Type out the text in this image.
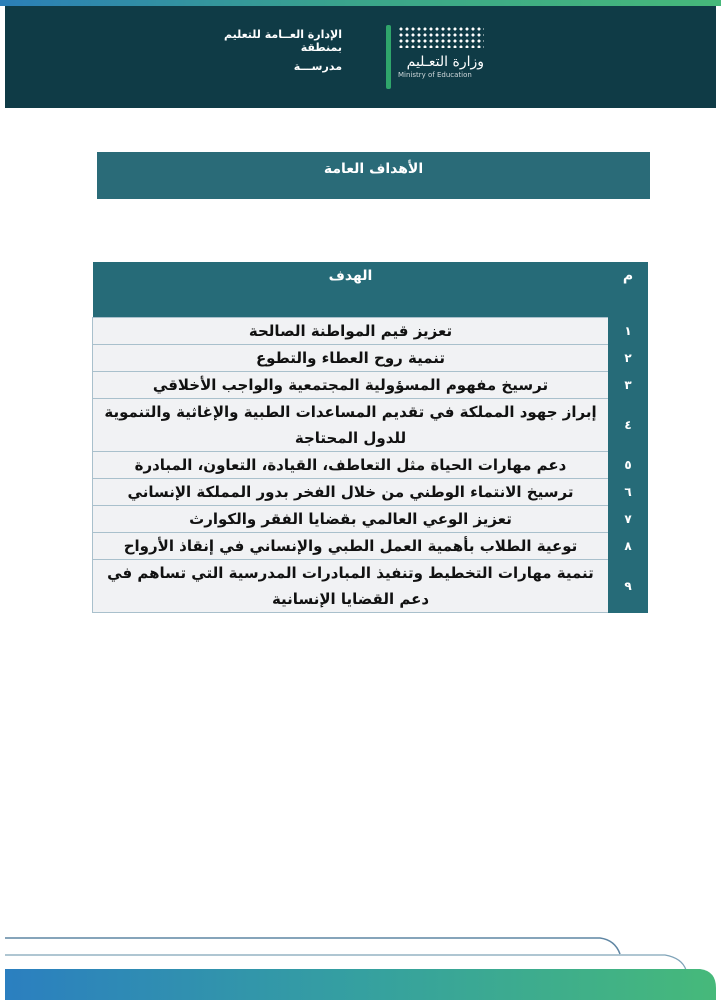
الإدارة العــامة للتعليم بمنطقة
مدرســـة	وزارة التعـليم
Ministry of Education
الأهداف العامة
م	الهدف
١	تعزيز قيم المواطنة الصالحة
٢	تنمية روح العطاء والتطوع
٣	ترسيخ مفهوم المسؤولية المجتمعية والواجب الأخلاقي
٤	إبراز جهود المملكة في تقديم المساعدات الطبية والإغاثية والتنموية للدول المحتاجة
٥	دعم مهارات الحياة مثل التعاطف، القيادة، التعاون، المبادرة
٦	ترسيخ الانتماء الوطني من خلال الفخر بدور المملكة الإنساني
٧	تعزيز الوعي العالمي بقضايا الفقر والكوارث
٨	توعية الطلاب بأهمية العمل الطبي والإنساني في إنقاذ الأرواح
٩	تنمية مهارات التخطيط وتنفيذ المبادرات المدرسية التي تساهم في دعم القضايا الإنسانية
